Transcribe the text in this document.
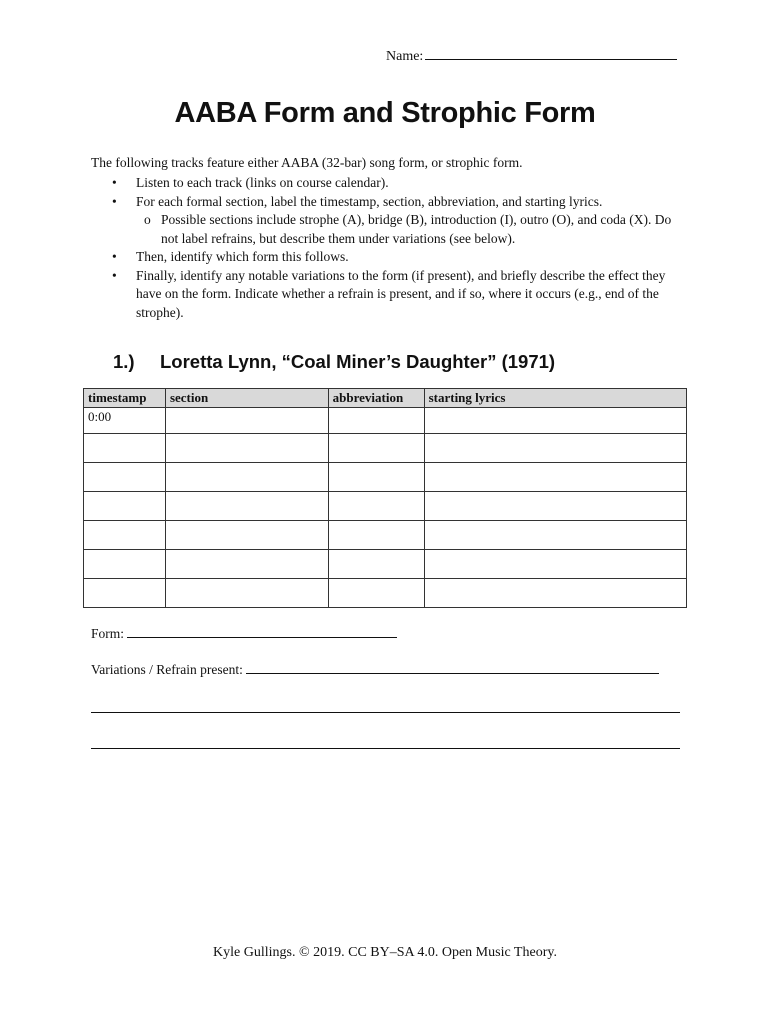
Name:
AABA Form and Strophic Form
The following tracks feature either AABA (32-bar) song form, or strophic form.
• Listen to each track (links on course calendar).
• For each formal section, label the timestamp, section, abbreviation, and starting lyrics.
o Possible sections include strophe (A), bridge (B), introduction (I), outro (O), and coda (X). Do not label refrains, but describe them under variations (see below).
• Then, identify which form this follows.
• Finally, identify any notable variations to the form (if present), and briefly describe the effect they have on the form. Indicate whether a refrain is present, and if so, where it occurs (e.g., end of the strophe).
1.) Loretta Lynn, “Coal Miner’s Daughter” (1971)
timestamp	section	abbreviation	starting lyrics
0:00			

Form:
Variations / Refrain present:
Kyle Gullings. © 2019. CC BY–SA 4.0. Open Music Theory.
